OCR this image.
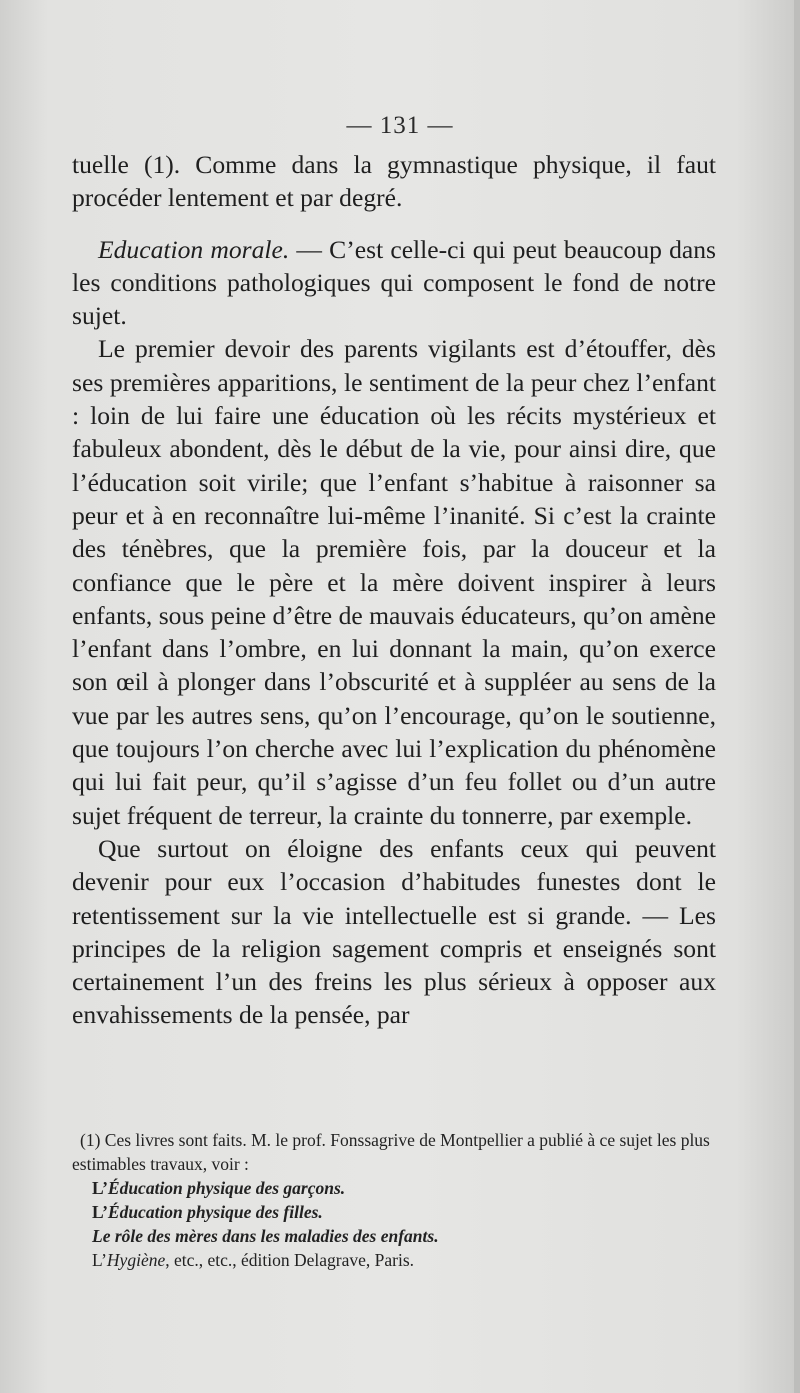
— 131 —

tuelle (1). Comme dans la gymnastique physique, il faut procéder lentement et par degré.

Education morale. — C’est celle-ci qui peut beaucoup dans les conditions pathologiques qui composent le fond de notre sujet.

Le premier devoir des parents vigilants est d’étouffer, dès ses premières apparitions, le sentiment de la peur chez l’enfant : loin de lui faire une éducation où les récits mystérieux et fabuleux abondent, dès le début de la vie, pour ainsi dire, que l’éducation soit virile; que l’enfant s’habitue à raisonner sa peur et à en reconnaître lui-même l’inanité. Si c’est la crainte des ténèbres, que la première fois, par la douceur et la confiance que le père et la mère doivent inspirer à leurs enfants, sous peine d’être de mauvais éducateurs, qu’on amène l’enfant dans l’ombre, en lui donnant la main, qu’on exerce son œil à plonger dans l’obscurité et à suppléer au sens de la vue par les autres sens, qu’on l’encourage, qu’on le soutienne, que toujours l’on cherche avec lui l’explication du phénomène qui lui fait peur, qu’il s’agisse d’un feu follet ou d’un autre sujet fréquent de terreur, la crainte du tonnerre, par exemple.

Que surtout on éloigne des enfants ceux qui peuvent devenir pour eux l’occasion d’habitudes funestes dont le retentissement sur la vie intellectuelle est si grande. — Les principes de la religion sagement compris et enseignés sont certainement l’un des freins les plus sérieux à opposer aux envahissements de la pensée, par

(1) Ces livres sont faits. M. le prof. Fonssagrive de Montpellier a publié à ce sujet les plus estimables travaux, voir :

L’Éducation physique des garçons.

L’Éducation physique des filles.

Le rôle des mères dans les maladies des enfants.

L’Hygiène, etc., etc., édition Delagrave, Paris.
